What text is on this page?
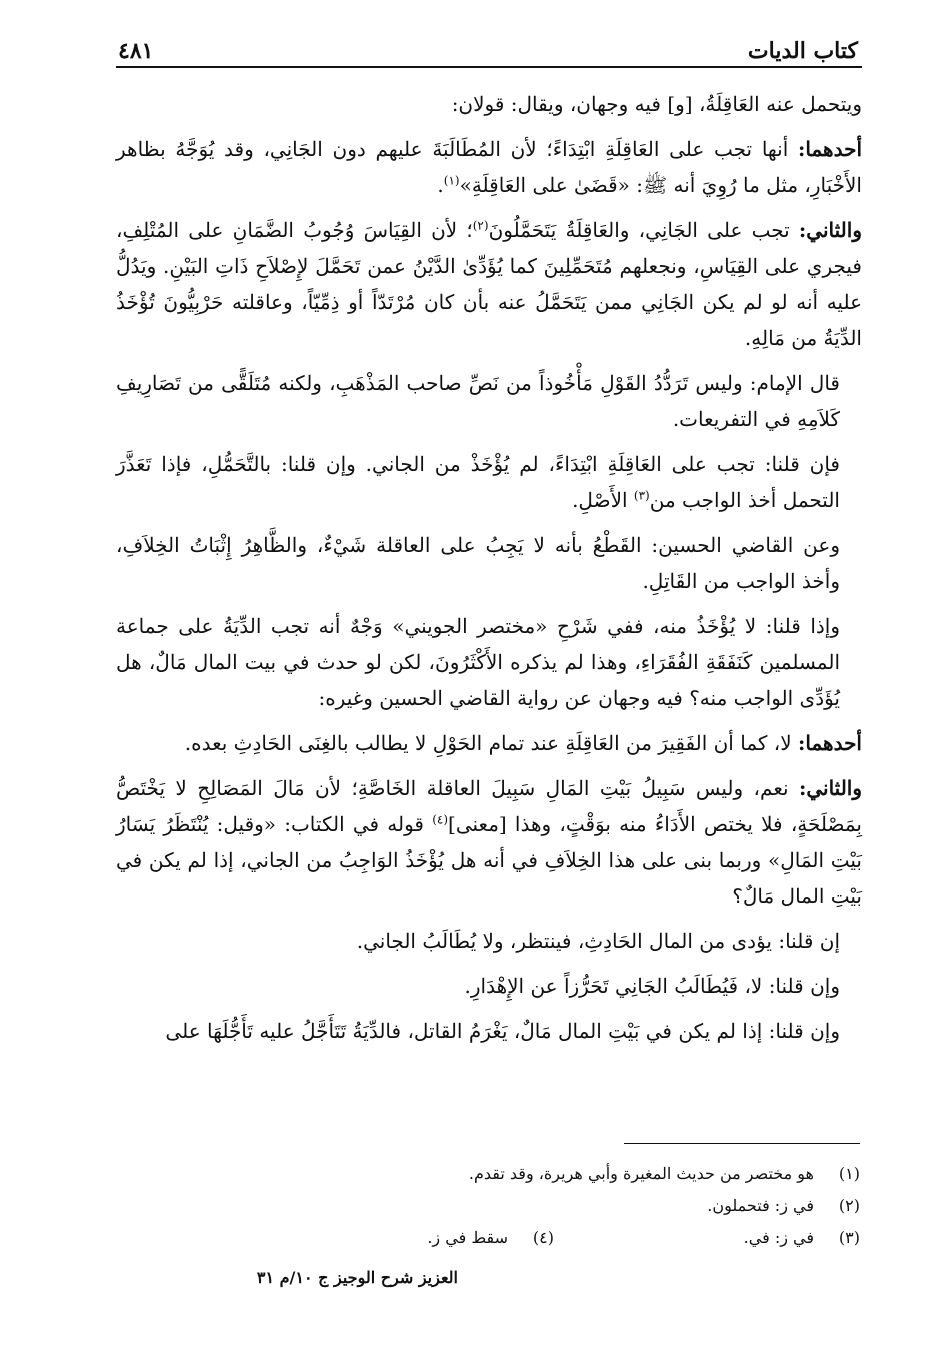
كتاب الديات
٤٨١

ويتحمل عنه العَاقِلَةُ، [و] فيه وجهان، ويقال: قولان:

أحدهما: أنها تجب على العَاقِلَةِ ابْتِدَاءً؛ لأن المُطَالَبَةَ عليهم دون الجَانِي، وقد يُوَجَّهُ بظاهر الأَخْبَارِ، مثل ما رُوِيَ أنه ﷺ: «قَضَىٰ على العَاقِلَةِ»$^{(١)}$.

والثاني: تجب على الجَانِي، والعَاقِلَةُ يَتَحَمَّلُونَ$^{(٢)}$؛ لأن القِيَاسَ وُجُوبُ الضَّمَانِ على المُتْلِفِ، فيجري على القِيَاسِ، ونجعلهم مُتَحَمِّلِينَ كما يُؤَدِّىٰ الدَّيْنُ عمن تَحَمَّلَ لإِصْلاَحِ ذَاتِ البَيْنِ. ويَدُلُّ عليه أنه لو لم يكن الجَانِي ممن يَتَحَمَّلُ عنه بأن كان مُرْتَدّاً أو ذِمِّيّاً، وعاقلته حَرْبِيُّونَ تُؤْخَذُ الدِّيَةُ من مَالِهِ.

قال الإمام: وليس تَرَدُّدُ القَوْلِ مَأْخُوذاً من نَصِّ صاحب المَذْهَبِ، ولكنه مُتَلَقًّى من تَصَارِيفِ كَلاَمِهِ في التفريعات.

فإن قلنا: تجب على العَاقِلَةِ ابْتِدَاءً، لم يُؤْخَذْ من الجاني. وإن قلنا: بالتَّحَمُّلِ، فإذا تَعَذَّرَ التحمل أخذ الواجب من$^{(٣)}$ الأَصْلِ.

وعن القاضي الحسين: القَطْعُ بأنه لا يَجِبُ على العاقلة شَيْءٌ، والظَّاهِرُ إِثْبَاتُ الخِلاَفِ، وأخذ الواجب من القَاتِلِ.

وإذا قلنا: لا يُؤْخَذُ منه، ففي شَرْحِ «مختصر الجويني» وَجْهٌ أنه تجب الدِّيَةُ على جماعة المسلمين كَنَفَقَةِ الفُقَرَاءِ، وهذا لم يذكره الأَكْثَرُونَ، لكن لو حدث في بيت المال مَالٌ، هل يُؤَدِّى الواجب منه؟ فيه وجهان عن رواية القاضي الحسين وغيره:

أحدهما: لا، كما أن الفَقِيرَ من العَاقِلَةِ عند تمام الحَوْلِ لا يطالب بالغِنَى الحَادِثِ بعده.

والثاني: نعم، وليس سَبِيلُ بَيْتِ المَالِ سَبِيلَ العاقلة الخَاصَّةِ؛ لأن مَالَ المَصَالِحِ لا يَخْتَصُّ بِمَصْلَحَةٍ، فلا يختص الأَدَاءُ منه بوَقْتٍ، وهذا [معنى]$^{(٤)}$ قوله في الكتاب: «وقيل: يُنْتَظَرُ يَسَارُ بَيْتِ المَالِ» وربما بنى على هذا الخِلاَفِ في أنه هل يُؤْخَذُ الوَاجِبُ من الجاني، إذا لم يكن في بَيْتِ المال مَالٌ؟

إن قلنا: يؤدى من المال الحَادِثِ، فينتظر، ولا يُطَالَبُ الجاني.

وإن قلنا: لا، فَيُطَالَبُ الجَانِي تَحَرُّزاً عن الإِهْدَارِ.

وإن قلنا: إذا لم يكن في بَيْتِ المال مَالٌ، يَغْرَمُ القاتل، فالدِّيَةُ تَتَأَجَّلُ عليه تَأَجُّلَهَا على

(١)
هو مختصر من حديث المغيرة وأبي هريرة، وقد تقدم.
(٢)
في ز: فتحملون.
(٣)
في ز: في.
(٤)
سقط في ز.
العزيز شرح الوجيز ج ١٠/م ٣١
